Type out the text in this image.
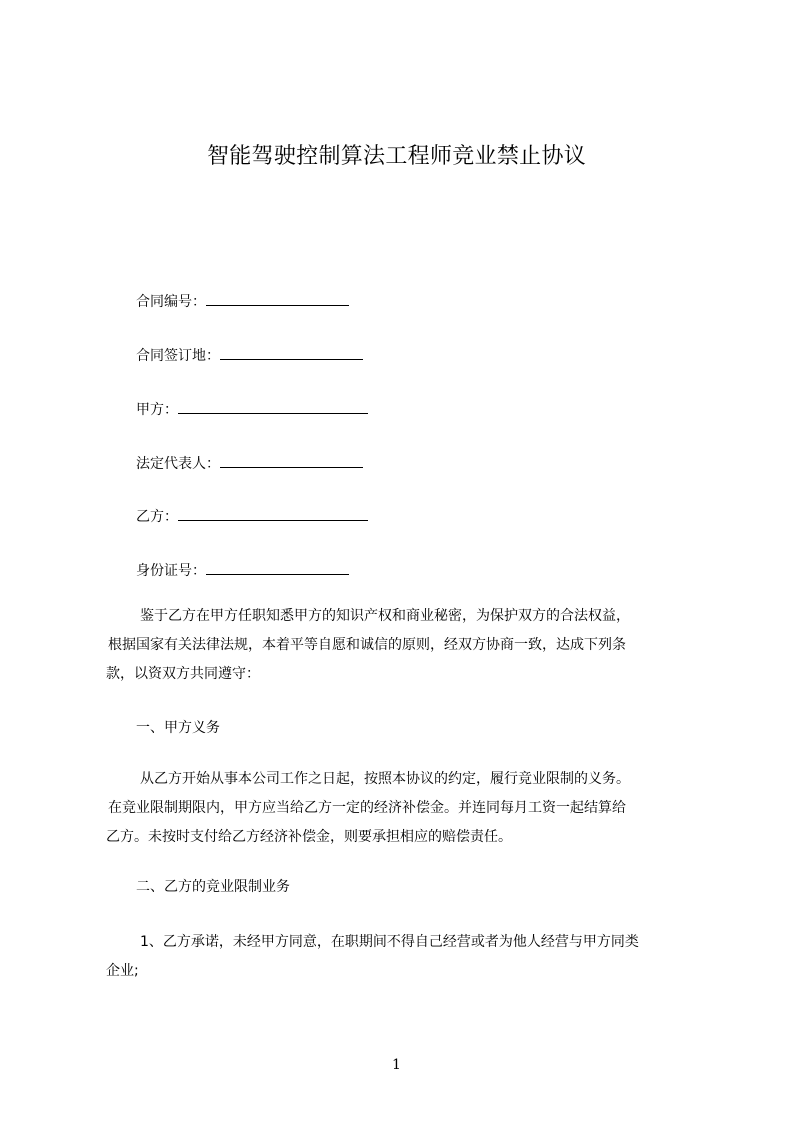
智能驾驶控制算法工程师竞业禁止协议
合同编号：
合同签订地：
甲方：
法定代表人：
乙方：
身份证号：
鉴于乙方在甲方任职知悉甲方的知识产权和商业秘密，为保护双方的合法权益，
根据国家有关法律法规，本着平等自愿和诚信的原则，经双方协商一致，达成下列条
款，以资双方共同遵守：
一、甲方义务
从乙方开始从事本公司工作之日起，按照本协议的约定，履行竞业限制的义务。
在竞业限制期限内，甲方应当给乙方一定的经济补偿金。并连同每月工资一起结算给
乙方。未按时支付给乙方经济补偿金，则要承担相应的赔偿责任。
二、乙方的竞业限制业务
1、乙方承诺，未经甲方同意，在职期间不得自己经营或者为他人经营与甲方同类
企业;
1
